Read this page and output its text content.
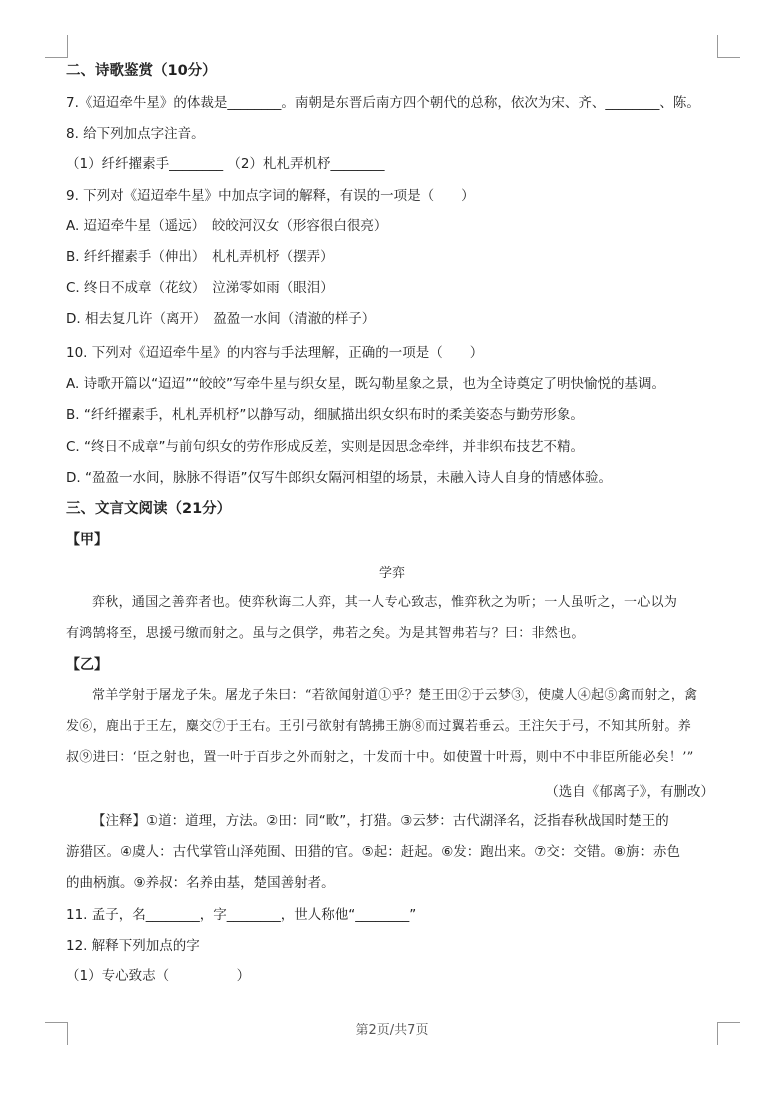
二、诗歌鉴赏（10分）
7.《迢迢牵牛星》的体裁是________。南朝是东晋后南方四个朝代的总称，依次为宋、齐、________、陈。
8. 给下列加点字注音。
（1）纤纤擢素手________ （2）札札弄机杼________
9. 下列对《迢迢牵牛星》中加点字词的解释，有误的一项是（　　）
A. 迢迢牵牛星（遥远）　皎皎河汉女（形容很白很亮）
B. 纤纤擢素手（伸出）　札札弄机杼（摆弄）
C. 终日不成章（花纹）　泣涕零如雨（眼泪）
D. 相去复几许（离开）　盈盈一水间（清澈的样子）
10. 下列对《迢迢牵牛星》的内容与手法理解，正确的一项是（　　）
A. 诗歌开篇以“迢迢”“皎皎”写牵牛星与织女星，既勾勒星象之景，也为全诗奠定了明快愉悦的基调。
B. “纤纤擢素手，札札弄机杼”以静写动，细腻描出织女织布时的柔美姿态与勤劳形象。
C. “终日不成章”与前句织女的劳作形成反差，实则是因思念牵绊，并非织布技艺不精。
D. “盈盈一水间，脉脉不得语”仅写牛郎织女隔河相望的场景，未融入诗人自身的情感体验。
三、文言文阅读（21分）
【甲】
学弈
弈秋，通国之善弈者也。使弈秋诲二人弈，其一人专心致志，惟弈秋之为听；一人虽听之，一心以为
有鸿鹄将至，思援弓缴而射之。虽与之俱学，弗若之矣。为是其智弗若与？曰：非然也。
【乙】
常羊学射于屠龙子朱。屠龙子朱曰：“若欲闻射道①乎？楚王田②于云梦③，使虞人④起⑤禽而射之，禽
发⑥，鹿出于王左，麋交⑦于王右。王引弓欲射有鹄拂王旃⑧而过翼若垂云。王注矢于弓，不知其所射。养
叔⑨进曰：‘臣之射也，置一叶于百步之外而射之，十发而十中。如使置十叶焉，则中不中非臣所能必矣！’”
（选自《郁离子》，有删改）
【注释】①道：道理，方法。②田：同“畋”，打猎。③云梦：古代湖泽名，泛指春秋战国时楚王的
游猎区。④虞人：古代掌管山泽苑囿、田猎的官。⑤起：赶起。⑥发：跑出来。⑦交：交错。⑧旃：赤色
的曲柄旗。⑨养叔：名养由基，楚国善射者。
11. 孟子，名________，字________，世人称他“________”
12. 解释下列加点的字
（1）专心致志（　　　　　）
第2页/共7页
